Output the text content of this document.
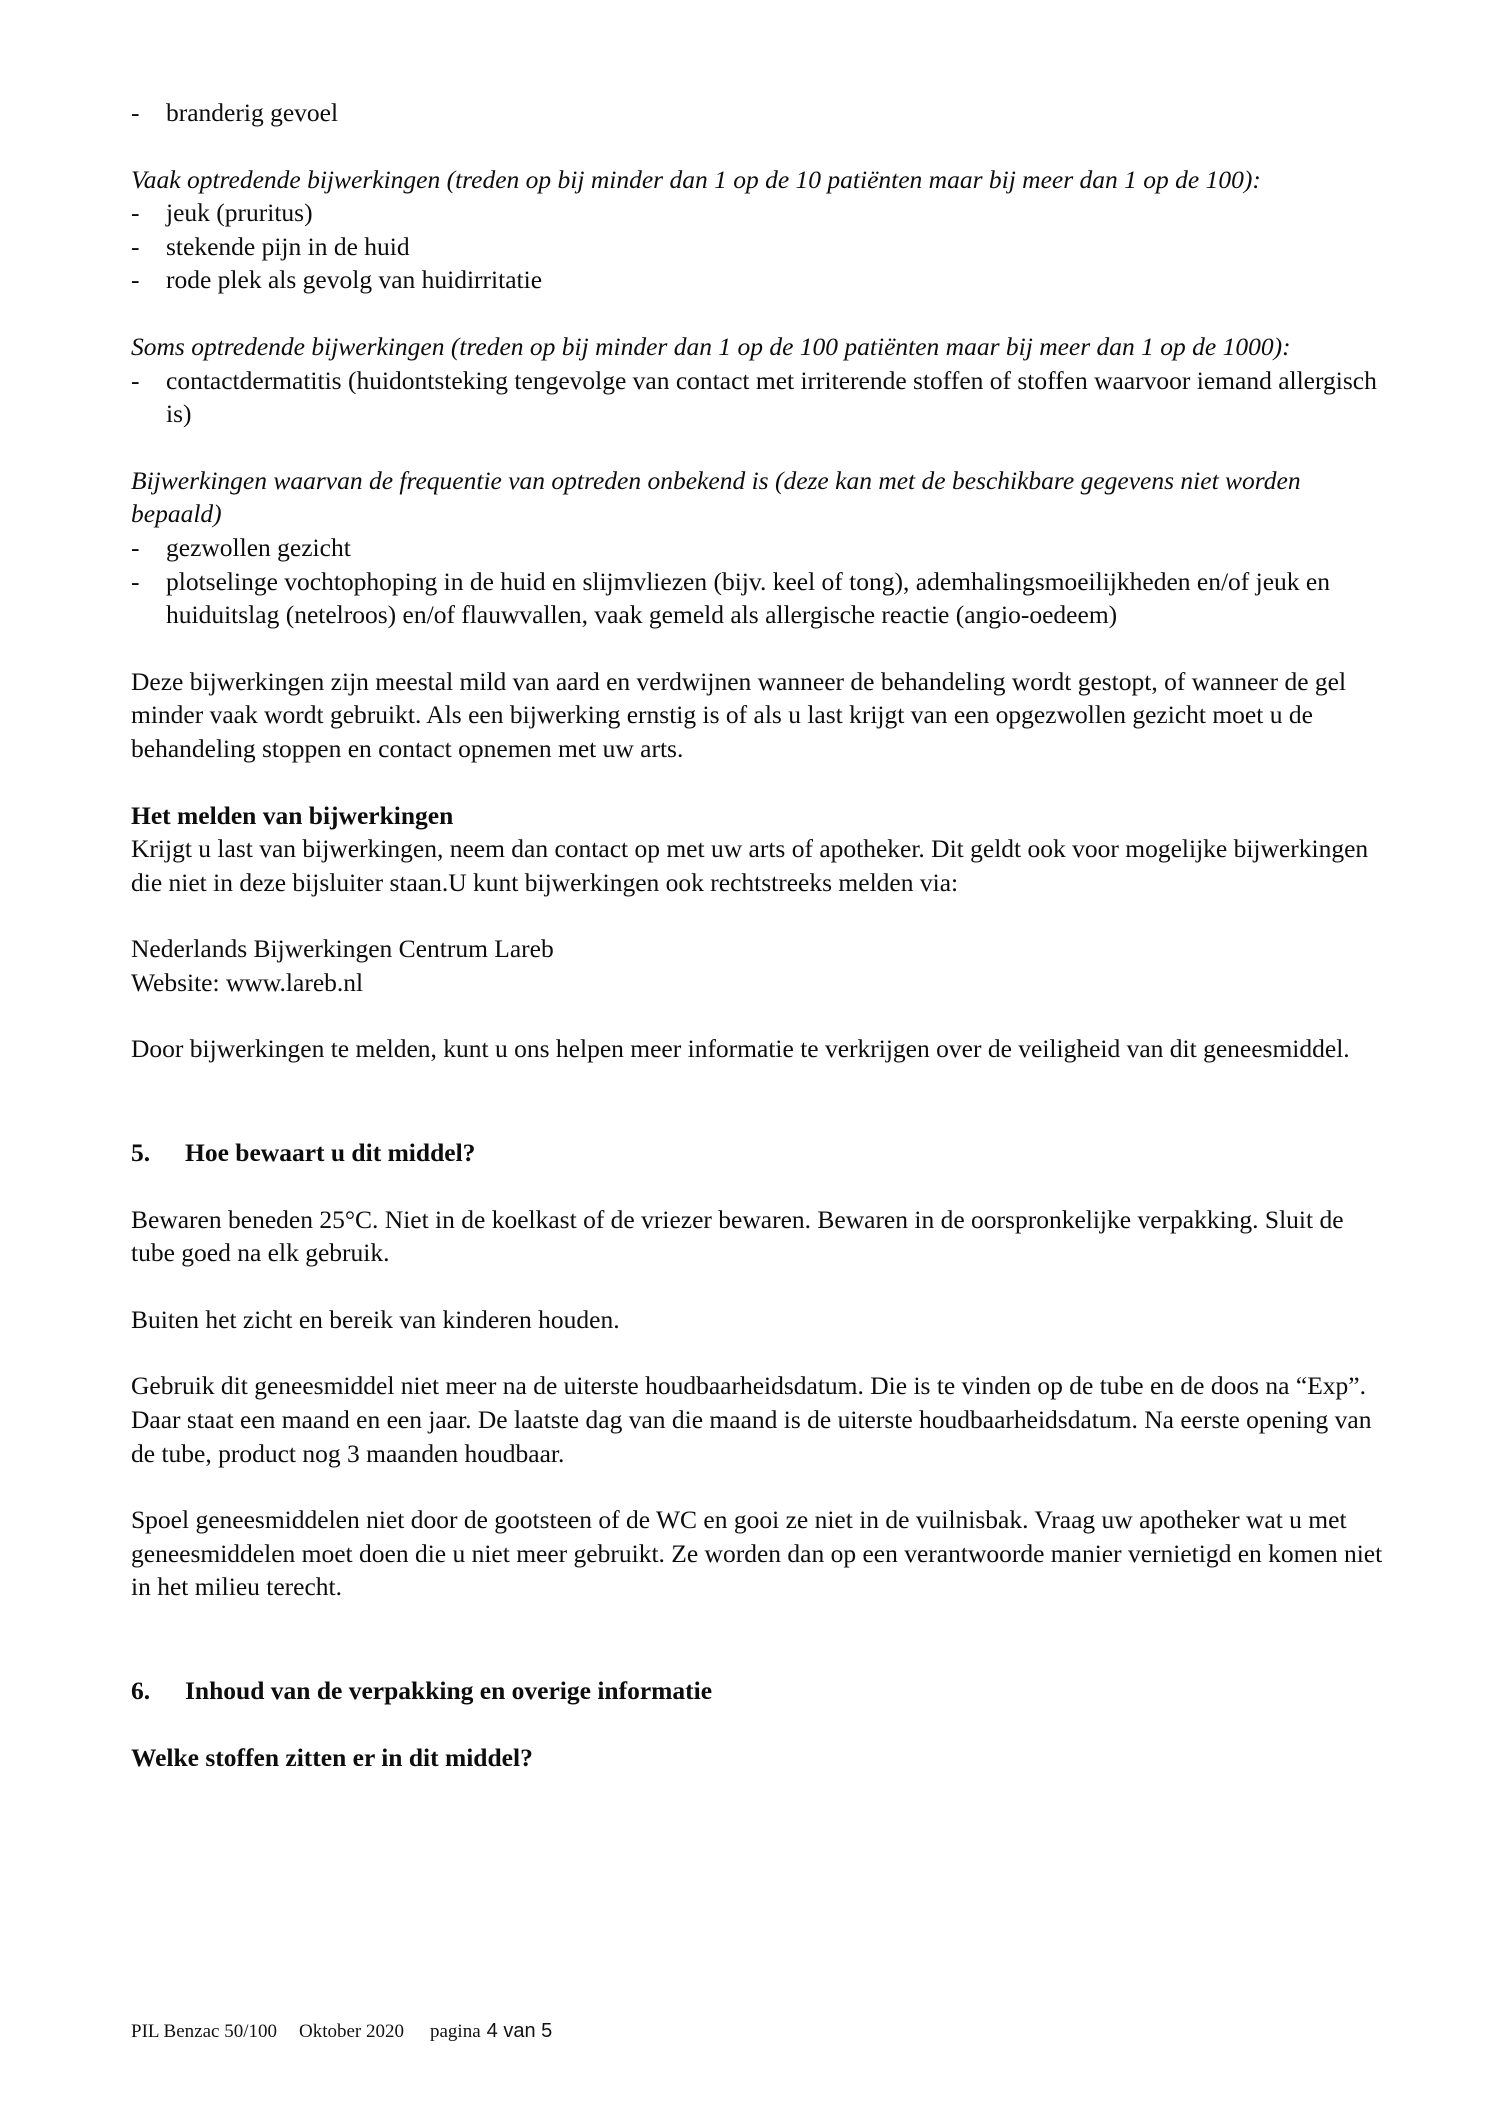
- branderig gevoel

Vaak optredende bijwerkingen (treden op bij minder dan 1 op de 10 patiënten maar bij meer dan 1 op de 100):

- jeuk (pruritus)
- stekende pijn in de huid
- rode plek als gevolg van huidirritatie

Soms optredende bijwerkingen (treden op bij minder dan 1 op de 100 patiënten maar bij meer dan 1 op de 1000):

- contactdermatitis (huidontsteking tengevolge van contact met irriterende stoffen of stoffen waarvoor iemand allergisch is)

Bijwerkingen waarvan de frequentie van optreden onbekend is (deze kan met de beschikbare gegevens niet worden bepaald)

- gezwollen gezicht
- plotselinge vochtophoping in de huid en slijmvliezen (bijv. keel of tong), ademhalingsmoeilijkheden en/of jeuk en huiduitslag (netelroos) en/of flauwvallen, vaak gemeld als allergische reactie (angio-oedeem)

Deze bijwerkingen zijn meestal mild van aard en verdwijnen wanneer de behandeling wordt gestopt, of wanneer de gel minder vaak wordt gebruikt. Als een bijwerking ernstig is of als u last krijgt van een opgezwollen gezicht moet u de behandeling stoppen en contact opnemen met uw arts.

Het melden van bijwerkingen

Krijgt u last van bijwerkingen, neem dan contact op met uw arts of apotheker. Dit geldt ook voor mogelijke bijwerkingen die niet in deze bijsluiter staan.U kunt bijwerkingen ook rechtstreeks melden via:

Nederlands Bijwerkingen Centrum Lareb

Website: www.lareb.nl

Door bijwerkingen te melden, kunt u ons helpen meer informatie te verkrijgen over de veiligheid van dit geneesmiddel.

5.	Hoe bewaart u dit middel?

Bewaren beneden 25°C. Niet in de koelkast of de vriezer bewaren. Bewaren in de oorspronkelijke verpakking. Sluit de tube goed na elk gebruik.

Buiten het zicht en bereik van kinderen houden.

Gebruik dit geneesmiddel niet meer na de uiterste houdbaarheidsdatum. Die is te vinden op de tube en de doos na “Exp”. Daar staat een maand en een jaar. De laatste dag van die maand is de uiterste houdbaarheidsdatum. Na eerste opening van de tube, product nog 3 maanden houdbaar.

Spoel geneesmiddelen niet door de gootsteen of de WC en gooi ze niet in de vuilnisbak. Vraag uw apotheker wat u met geneesmiddelen moet doen die u niet meer gebruikt. Ze worden dan op een verantwoorde manier vernietigd en komen niet in het milieu terecht.

6.	Inhoud van de verpakking en overige informatie

Welke stoffen zitten er in dit middel?

PIL Benzac 50/100 Oktober 2020 pagina 4 van 5
